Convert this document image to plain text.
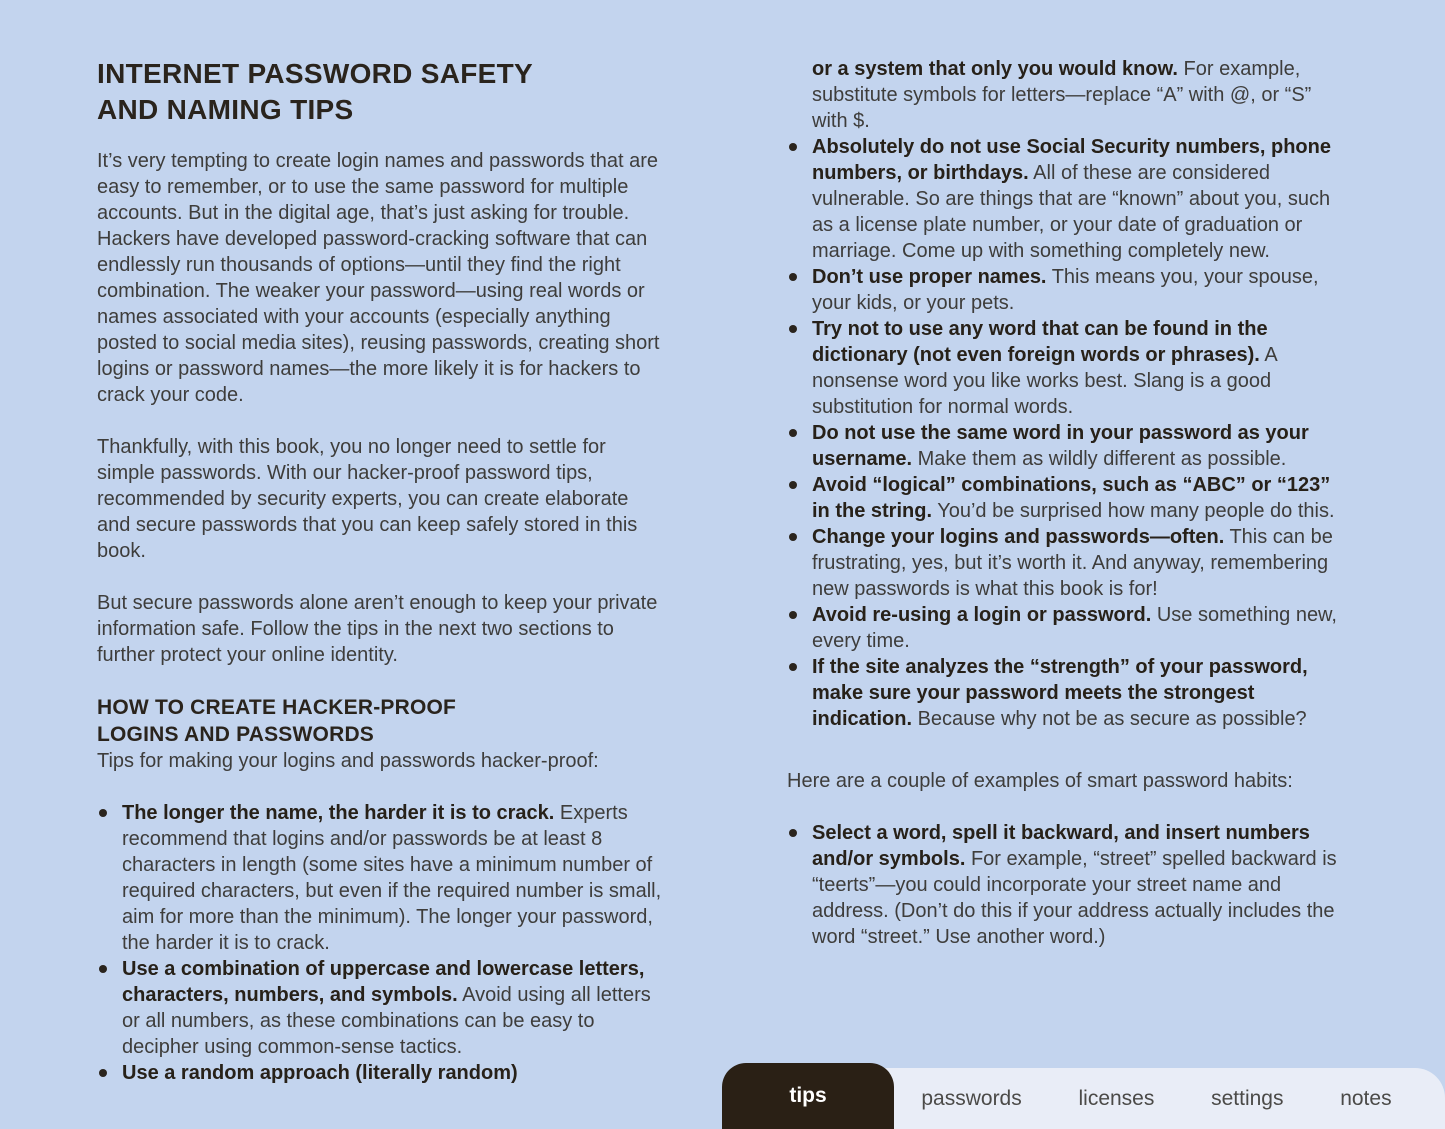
INTERNET PASSWORD SAFETY
AND NAMING TIPS

It’s very tempting to create login names and passwords that are easy to remember, or to use the same password for multiple accounts. But in the digital age, that’s just asking for trouble. Hackers have developed password-cracking software that can endlessly run thousands of options—until they find the right combination. The weaker your password—using real words or names associated with your accounts (especially anything posted to social media sites), reusing passwords, creating short logins or password names—the more likely it is for hackers to crack your code.

Thankfully, with this book, you no longer need to settle for simple passwords. With our hacker-proof password tips, recommended by security experts, you can create elaborate and secure passwords that you can keep safely stored in this book.

But secure passwords alone aren’t enough to keep your private information safe. Follow the tips in the next two sections to further protect your online identity.

HOW TO CREATE HACKER-PROOF
LOGINS AND PASSWORDS

Tips for making your logins and passwords hacker-proof:

The longer the name, the harder it is to crack. Experts recommend that logins and/or passwords be at least 8 characters in length (some sites have a minimum number of required characters, but even if the required number is small, aim for more than the minimum). The longer your password, the harder it is to crack.
Use a combination of uppercase and lowercase letters, characters, numbers, and symbols. Avoid using all letters or all numbers, as these combinations can be easy to decipher using common-sense tactics.
Use a random approach (literally random)
or a system that only you would know. For example, substitute symbols for letters—replace “A” with @, or “S” with $.
Absolutely do not use Social Security numbers, phone numbers, or birthdays. All of these are considered vulnerable. So are things that are “known” about you, such as a license plate number, or your date of graduation or marriage. Come up with something completely new.
Don’t use proper names. This means you, your spouse, your kids, or your pets.
Try not to use any word that can be found in the dictionary (not even foreign words or phrases). A nonsense word you like works best. Slang is a good substitution for normal words.
Do not use the same word in your password as your username. Make them as wildly different as possible.
Avoid “logical” combinations, such as “ABC” or “123” in the string. You’d be surprised how many people do this.
Change your logins and passwords—often. This can be frustrating, yes, but it’s worth it. And anyway, remembering new passwords is what this book is for!
Avoid re-using a login or password. Use something new, every time.
If the site analyzes the “strength” of your password, make sure your password meets the strongest indication. Because why not be as secure as possible?

Here are a couple of examples of smart password habits:

Select a word, spell it backward, and insert numbers and/or symbols. For example, “street” spelled backward is “teerts”—you could incorporate your street name and address. (Don’t do this if your address actually includes the word “street.” Use another word.)
passwords	licenses	settings	notes
tips
